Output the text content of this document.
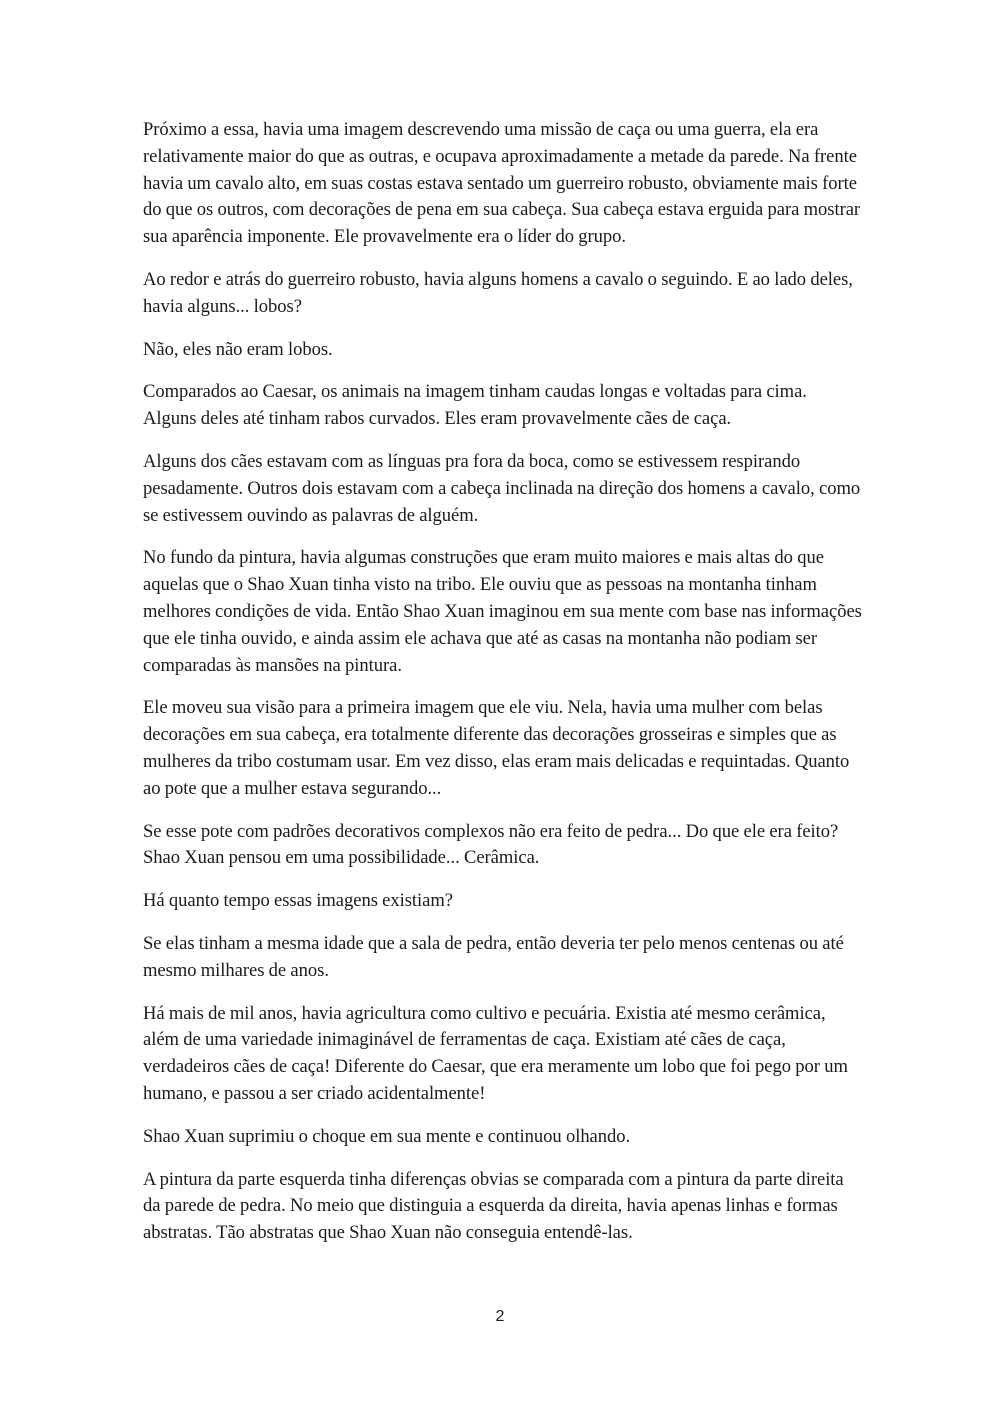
Próximo a essa, havia uma imagem descrevendo uma missão de caça ou uma guerra, ela era relativamente maior do que as outras, e ocupava aproximadamente a metade da parede. Na frente havia um cavalo alto, em suas costas estava sentado um guerreiro robusto, obviamente mais forte do que os outros, com decorações de pena em sua cabeça. Sua cabeça estava erguida para mostrar sua aparência imponente. Ele provavelmente era o líder do grupo.

Ao redor e atrás do guerreiro robusto, havia alguns homens a cavalo o seguindo. E ao lado deles, havia alguns... lobos?

Não, eles não eram lobos.

Comparados ao Caesar, os animais na imagem tinham caudas longas e voltadas para cima. Alguns deles até tinham rabos curvados. Eles eram provavelmente cães de caça.

Alguns dos cães estavam com as línguas pra fora da boca, como se estivessem respirando pesadamente. Outros dois estavam com a cabeça inclinada na direção dos homens a cavalo, como se estivessem ouvindo as palavras de alguém.

No fundo da pintura, havia algumas construções que eram muito maiores e mais altas do que aquelas que o Shao Xuan tinha visto na tribo. Ele ouviu que as pessoas na montanha tinham melhores condições de vida. Então Shao Xuan imaginou em sua mente com base nas informações que ele tinha ouvido, e ainda assim ele achava que até as casas na montanha não podiam ser comparadas às mansões na pintura.

Ele moveu sua visão para a primeira imagem que ele viu. Nela, havia uma mulher com belas decorações em sua cabeça, era totalmente diferente das decorações grosseiras e simples que as mulheres da tribo costumam usar. Em vez disso, elas eram mais delicadas e requintadas. Quanto ao pote que a mulher estava segurando...

Se esse pote com padrões decorativos complexos não era feito de pedra... Do que ele era feito? Shao Xuan pensou em uma possibilidade... Cerâmica.

Há quanto tempo essas imagens existiam?

Se elas tinham a mesma idade que a sala de pedra, então deveria ter pelo menos centenas ou até mesmo milhares de anos.

Há mais de mil anos, havia agricultura como cultivo e pecuária. Existia até mesmo cerâmica, além de uma variedade inimaginável de ferramentas de caça. Existiam até cães de caça, verdadeiros cães de caça! Diferente do Caesar, que era meramente um lobo que foi pego por um humano, e passou a ser criado acidentalmente!

Shao Xuan suprimiu o choque em sua mente e continuou olhando.

A pintura da parte esquerda tinha diferenças obvias se comparada com a pintura da parte direita da parede de pedra. No meio que distinguia a esquerda da direita, havia apenas linhas e formas abstratas. Tão abstratas que Shao Xuan não conseguia entendê-las.

2
